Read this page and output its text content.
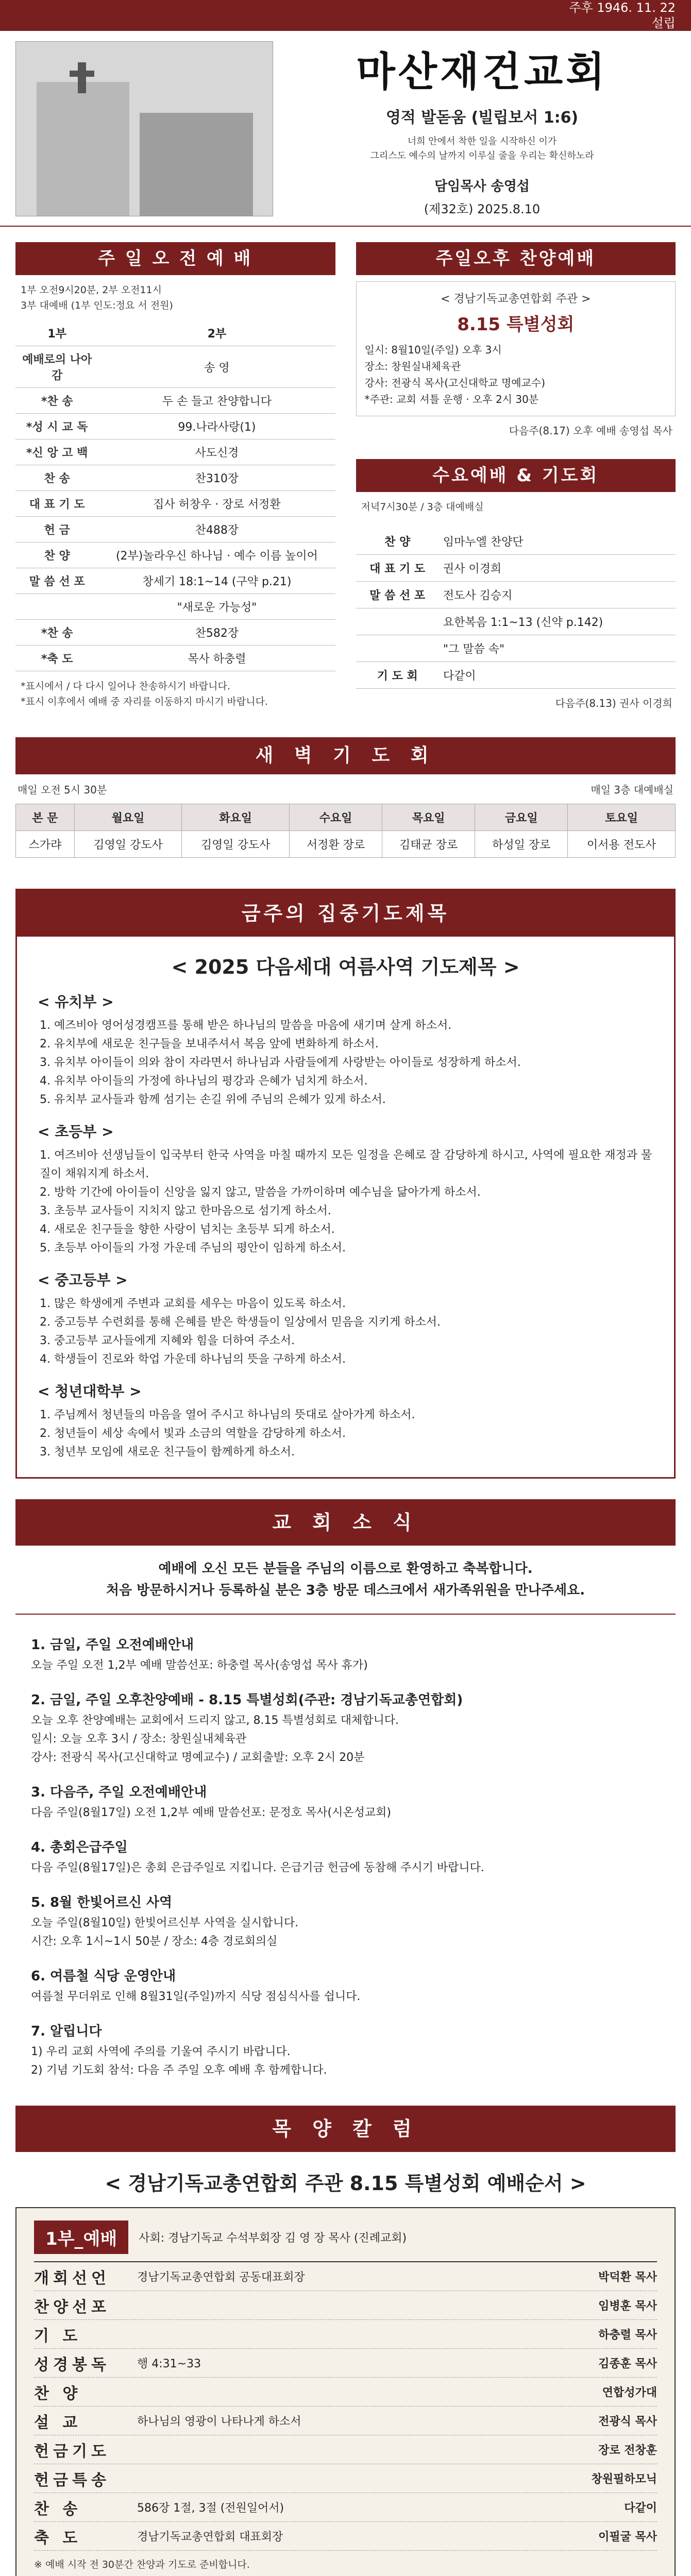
주후 1946. 11. 22
설립
마산재건교회
영적 발돋움 (빌립보서 1:6)
너희 안에서 착한 일을 시작하신 이가
그리스도 예수의 날까지 이루실 줄을 우리는 확신하노라
담임목사 송영섭
(제32호) 2025.8.10
주 일 오 전 예 배
1부 오전9시20분, 2부 오전11시
3부 대예배 (1부 인도:정요 서 전원)
1부	2부
예배로의 나아감	송 영
*찬 송	두 손 들고 찬양합니다
*성 시 교 독	99.나라사랑(1)
*신 앙 고 백	사도신경
찬 송	찬310장
대 표 기 도	집사 허창우 · 장로 서정환
헌 금	찬488장
찬 양	(2부)놀라우신 하나님 · 예수 이름 높이어
말 씀 선 포	창세기 18:1~14 (구약 p.21)
	"새로운 가능성"
*찬 송	찬582장
*축 도	목사 하충렬
*표시에서 / 다 다시 일어나 찬송하시기 바랍니다.
*표시 이후에서 예배 중 자리를 이동하지 마시기 바랍니다.
주일오후 찬양예배
< 경남기독교총연합회 주관 >
8.15 특별성회
일시: 8월10일(주일) 오후 3시
장소: 창원실내체육관
강사: 전광식 목사(고신대학교 명예교수)
*주관: 교회 셔틀 운행 · 오후 2시 30분
다음주(8.17) 오후 예배 송영섭 목사
수요예배 & 기도회
저녁7시30분 / 3층 대예배실
찬 양	임마누엘 찬양단
대 표 기 도	권사 이경희
말 씀 선 포	전도사 김승지
	요한복음 1:1~13 (신약 p.142)
	"그 말씀 속"
기 도 회	다같이
다음주(8.13) 권사 이경희
새 벽 기 도 회
매일 오전 5시 30분	매일 3층 대예배실
본 문	월요일	화요일	수요일	목요일	금요일	토요일
스가랴	김영일 강도사	김영일 강도사	서정환 장로	김태균 장로	하성일 장로	이서용 전도사
금주의 집중기도제목
< 2025 다음세대 여름사역 기도제목 >
< 유치부 >
1. 예즈비아 영어성경캠프를 통해 받은 하나님의 말씀을 마음에 새기며 살게 하소서.
2. 유치부에 새로운 친구들을 보내주셔서 복음 앞에 변화하게 하소서.
3. 유치부 아이들이 의와 참이 자라면서 하나님과 사람들에게 사랑받는 아이들로 성장하게 하소서.
4. 유치부 아이들의 가정에 하나님의 평강과 은혜가 넘치게 하소서.
5. 유치부 교사들과 함께 섬기는 손길 위에 주님의 은혜가 있게 하소서.
< 초등부 >
1. 여즈비아 선생님들이 입국부터 한국 사역을 마칠 때까지 모든 일정을 은혜로 잘 감당하게 하시고, 사역에 필요한 재정과 물질이 채워지게 하소서.
2. 방학 기간에 아이들이 신앙을 잃지 않고, 말씀을 가까이하며 예수님을 닮아가게 하소서.
3. 초등부 교사들이 지치지 않고 한마음으로 섬기게 하소서.
4. 새로운 친구들을 향한 사랑이 넘치는 초등부 되게 하소서.
5. 초등부 아이들의 가정 가운데 주님의 평안이 임하게 하소서.
< 중고등부 >
1. 많은 학생에게 주변과 교회를 세우는 마음이 있도록 하소서.
2. 중고등부 수련회를 통해 은혜를 받은 학생들이 일상에서 믿음을 지키게 하소서.
3. 중고등부 교사들에게 지혜와 힘을 더하여 주소서.
4. 학생들이 진로와 학업 가운데 하나님의 뜻을 구하게 하소서.
< 청년대학부 >
1. 주님께서 청년들의 마음을 열어 주시고 하나님의 뜻대로 살아가게 하소서.
2. 청년들이 세상 속에서 빛과 소금의 역할을 감당하게 하소서.
3. 청년부 모임에 새로운 친구들이 함께하게 하소서.
교 회 소 식
예배에 오신 모든 분들을 주님의 이름으로 환영하고 축복합니다.
처음 방문하시거나 등록하실 분은 3층 방문 데스크에서 새가족위원을 만나주세요.
1. 금일, 주일 오전예배안내
오늘 주일 오전 1,2부 예배 말씀선포: 하충렬 목사(송영섭 목사 휴가)
2. 금일, 주일 오후찬양예배 - 8.15 특별성회(주관: 경남기독교총연합회)
오늘 오후 찬양예배는 교회에서 드리지 않고, 8.15 특별성회로 대체합니다.
일시: 오늘 오후 3시 / 장소: 창원실내체육관
강사: 전광식 목사(고신대학교 명예교수) / 교회출발: 오후 2시 20분
3. 다음주, 주일 오전예배안내
다음 주일(8월17일) 오전 1,2부 예배 말씀선포: 문정호 목사(시온성교회)
4. 총회은급주일
다음 주일(8월17일)은 총회 은급주일로 지킵니다. 은급기금 헌금에 동참해 주시기 바랍니다.
5. 8월 한빛어르신 사역
오늘 주일(8월10일) 한빛어르신부 사역을 실시합니다.
시간: 오후 1시~1시 50분 / 장소: 4층 경로회의실
6. 여름철 식당 운영안내
여름철 무더위로 인해 8월31일(주일)까지 식당 점심식사를 쉽니다.
7. 알립니다
1) 우리 교회 사역에 주의를 기울여 주시기 바랍니다.
2) 기념 기도회 참석: 다음 주 주일 오후 예배 후 함께합니다.
목 양 칼 럼
< 경남기독교총연합회 주관 8.15 특별성회 예배순서 >
1부_예배	사회: 경남기독교 수석부회장 김 영 장 목사 (진례교회)
개회선언	경남기독교총연합회 공동대표회장	박덕환 목사
찬양선포	임병훈 목사
기 도	하충렬 목사
성경봉독	행 4:31~33	김종훈 목사
찬 양	연합성가대
설 교	하나님의 영광이 나타나게 하소서	전광식 목사
헌금기도	장로 전창훈
헌금특송	창원필하모닉
찬 송	586장 1절, 3절 (전원일어서)	다같이
축 도	경남기독교총연합회 대표회장	이필굴 목사
※ 예배 시작 전 30분간 찬양과 기도로 준비합니다.
